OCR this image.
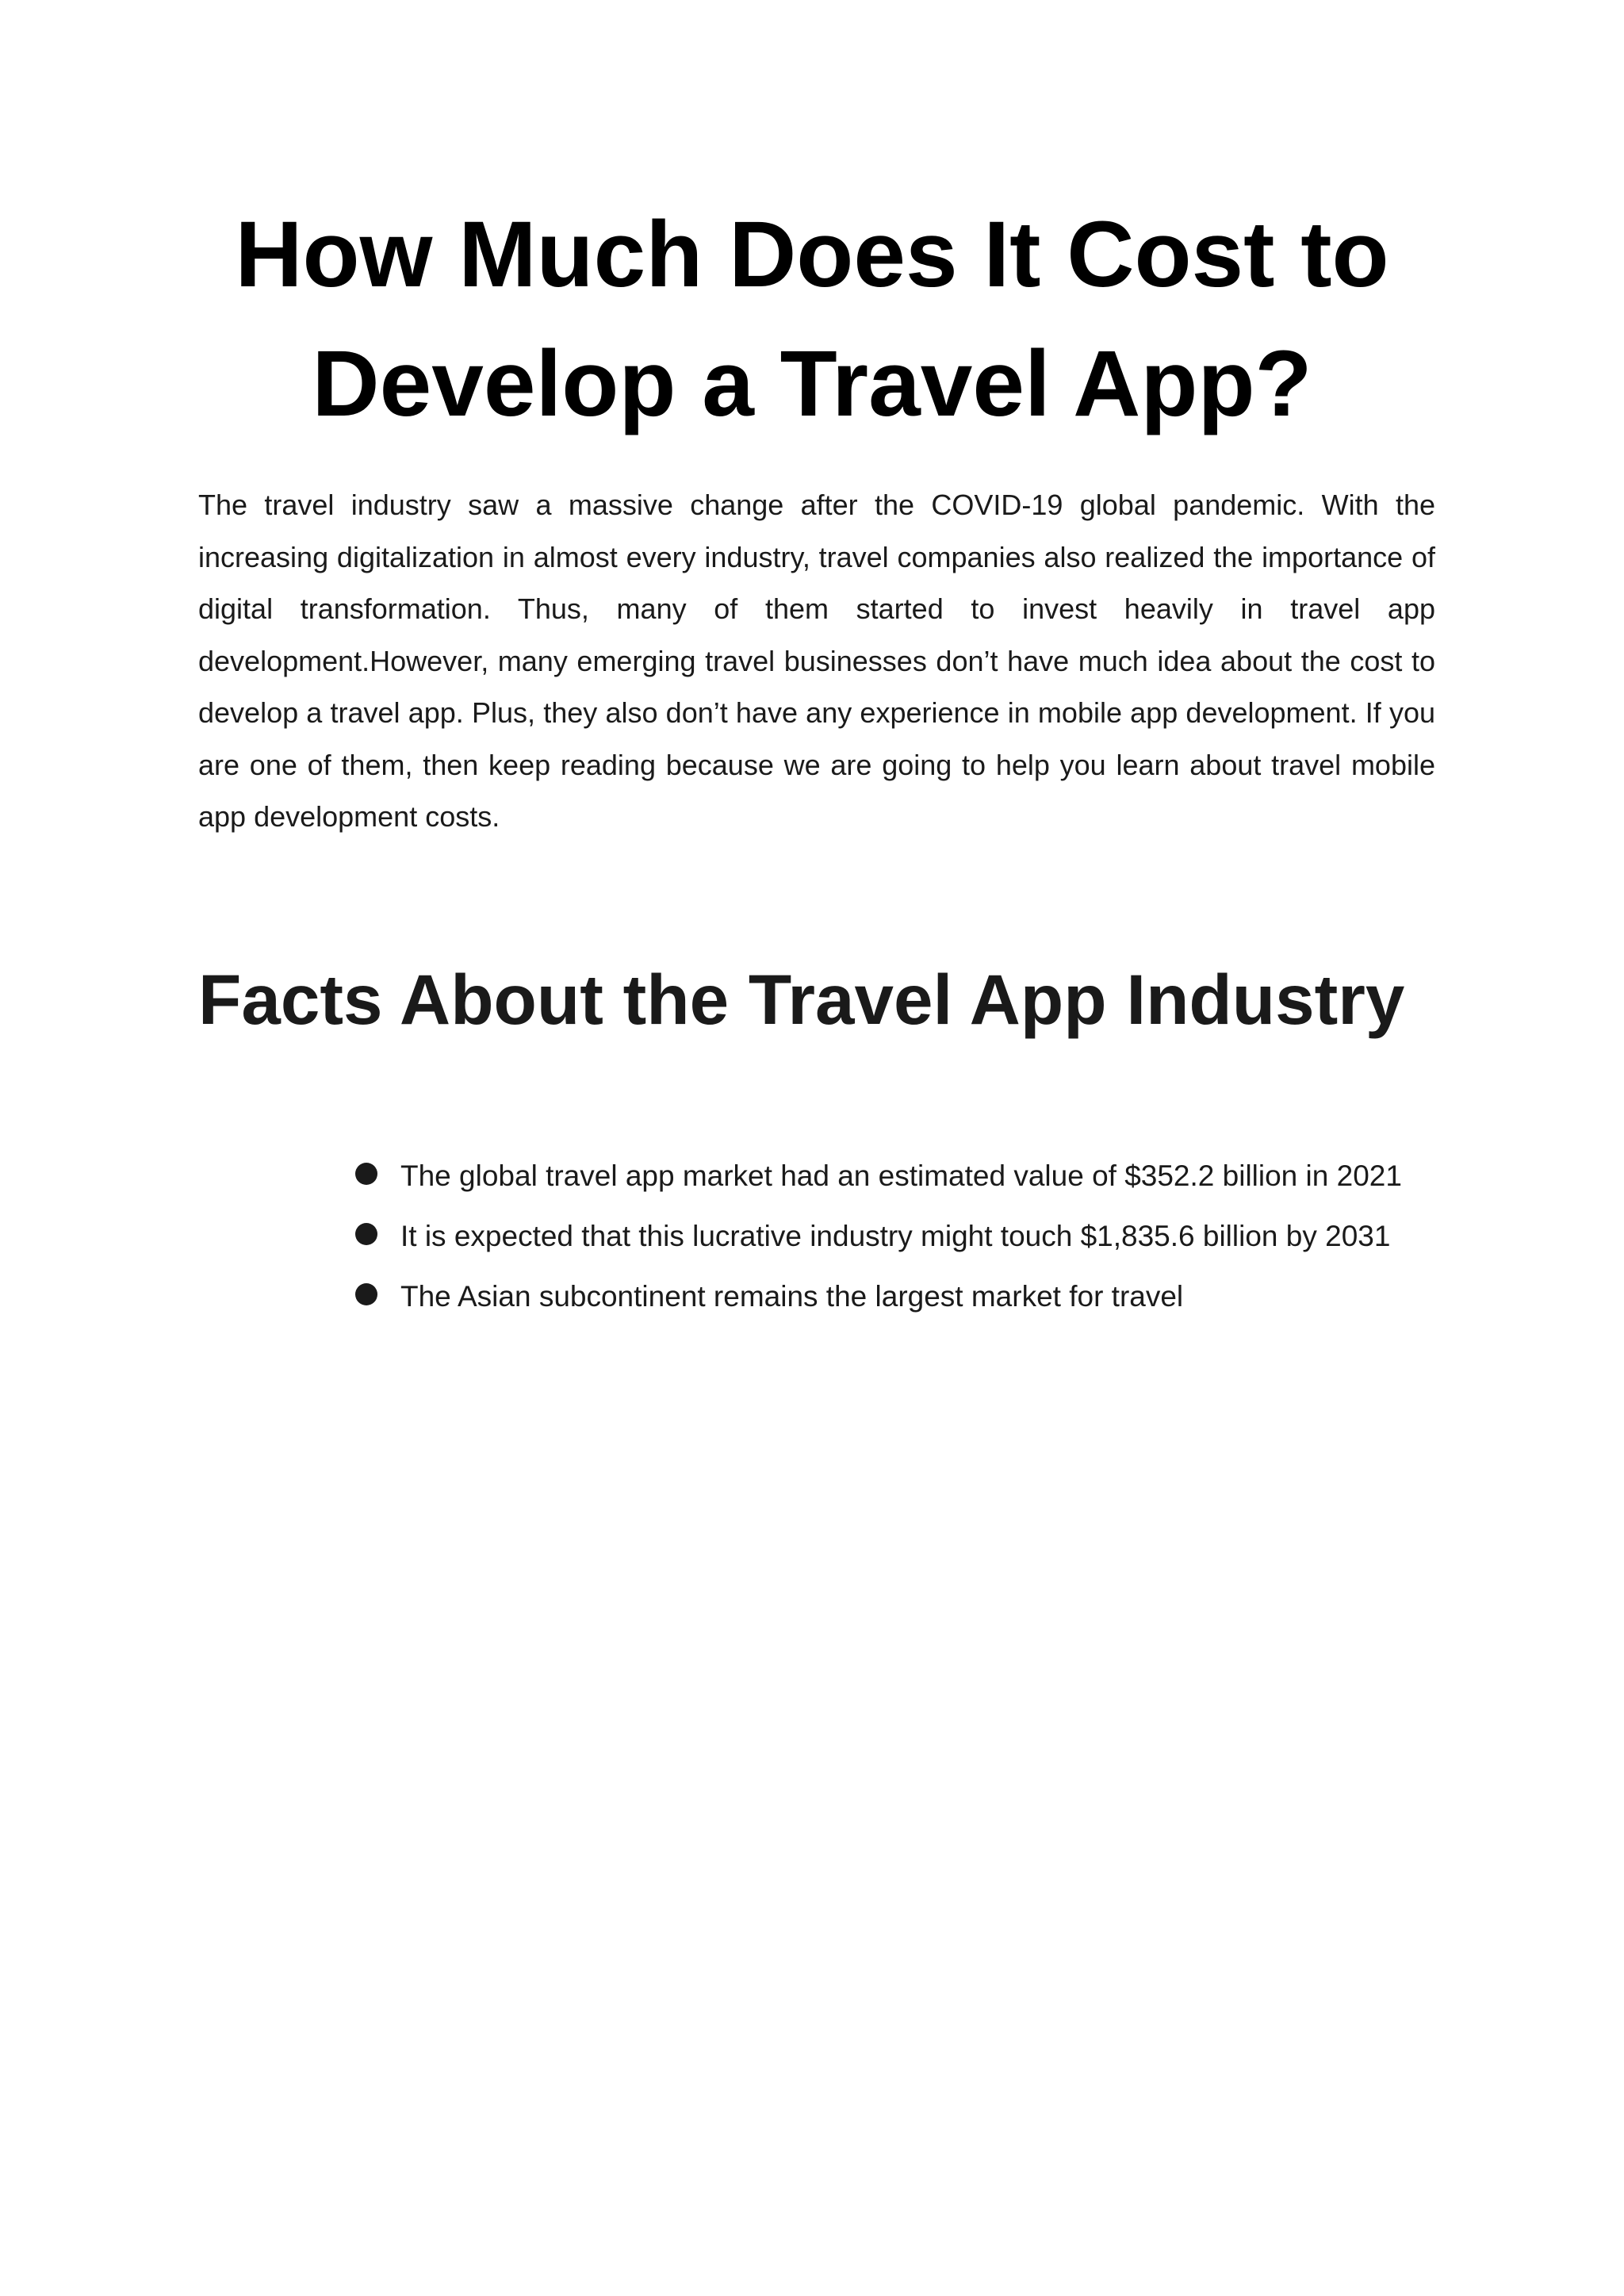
How Much Does It Cost to Develop a Travel App?

The travel industry saw a massive change after the COVID-19 global pandemic. With the increasing digitalization in almost every industry, travel companies also realized the importance of digital transformation. Thus, many of them started to invest heavily in travel app development.However, many emerging travel businesses don’t have much idea about the cost to develop a travel app. Plus, they also don’t have any experience in mobile app development. If you are one of them, then keep reading because we are going to help you learn about travel mobile app development costs.

Facts About the Travel App Industry
The global travel app market had an estimated value of $352.2 billion in 2021
It is expected that this lucrative industry might touch $1,835.6 billion by 2031
The Asian subcontinent remains the largest market for travel
